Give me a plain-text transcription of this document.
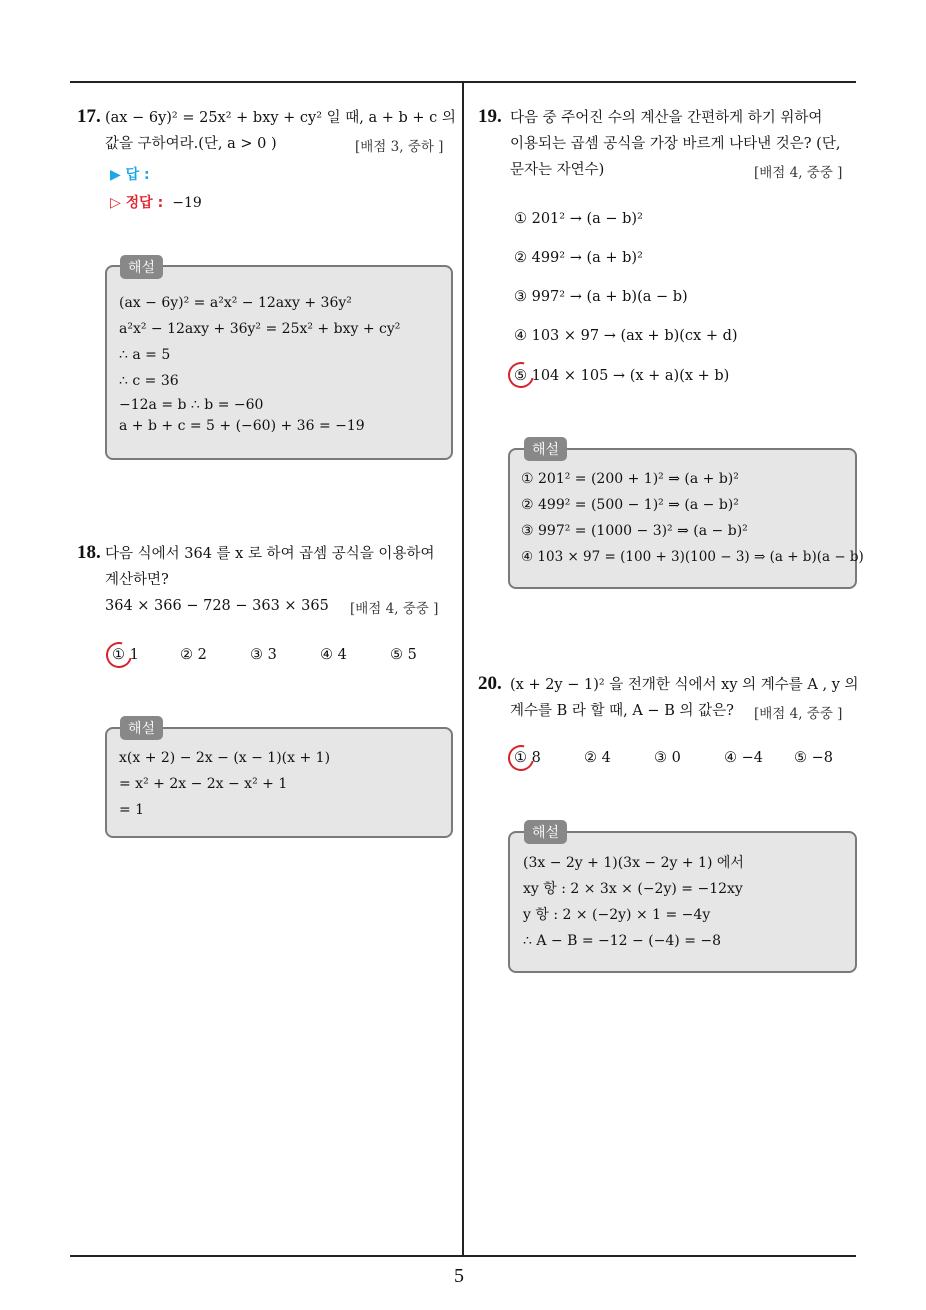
5
17. (ax − 6y)² = 25x² + bxy + cy² 일 때, a + b + c 의
값을 구하여라.(단, a > 0 )	[배점 3, 중하 ]
▶ 답 :
▷ 정답 : −19
해설
(ax − 6y)² = a²x² − 12axy + 36y²
a²x² − 12axy + 36y² = 25x² + bxy + cy²
∴ a = 5
∴ c = 36
−12a = b ∴ b = −60
a + b + c = 5 + (−60) + 36 = −19
18. 다음 식에서 364 를 x 로 하여 곱셈 공식을 이용하여
계산하면?
364 × 366 − 728 − 363 × 365 [배점 4, 중중 ]
① 1	② 2	③ 3	④ 4	⑤ 5
해설
x(x + 2) − 2x − (x − 1)(x + 1)
= x² + 2x − 2x − x² + 1
= 1
19. 다음 중 주어진 수의 계산을 간편하게 하기 위하여
이용되는 곱셈 공식을 가장 바르게 나타낸 것은? (단,
문자는 자연수)	[배점 4, 중중 ]
① 201² → (a − b)²
② 499² → (a + b)²
③ 997² → (a + b)(a − b)
④ 103 × 97 → (ax + b)(cx + d)
⑤ 104 × 105 → (x + a)(x + b)
해설
① 201² = (200 + 1)² ⇒ (a + b)²
② 499² = (500 − 1)² ⇒ (a − b)²
③ 997² = (1000 − 3)² ⇒ (a − b)²
④ 103 × 97 = (100 + 3)(100 − 3) ⇒ (a + b)(a − b)
20. (x + 2y − 1)² 을 전개한 식에서 xy 의 계수를 A , y 의
계수를 B 라 할 때, A − B 의 값은? [배점 4, 중중 ]
① 8	② 4	③ 0	④ −4 ⑤ −8
해설
(3x − 2y + 1)(3x − 2y + 1) 에서
xy 항 : 2 × 3x × (−2y) = −12xy
y 항 : 2 × (−2y) × 1 = −4y
∴ A − B = −12 − (−4) = −8
